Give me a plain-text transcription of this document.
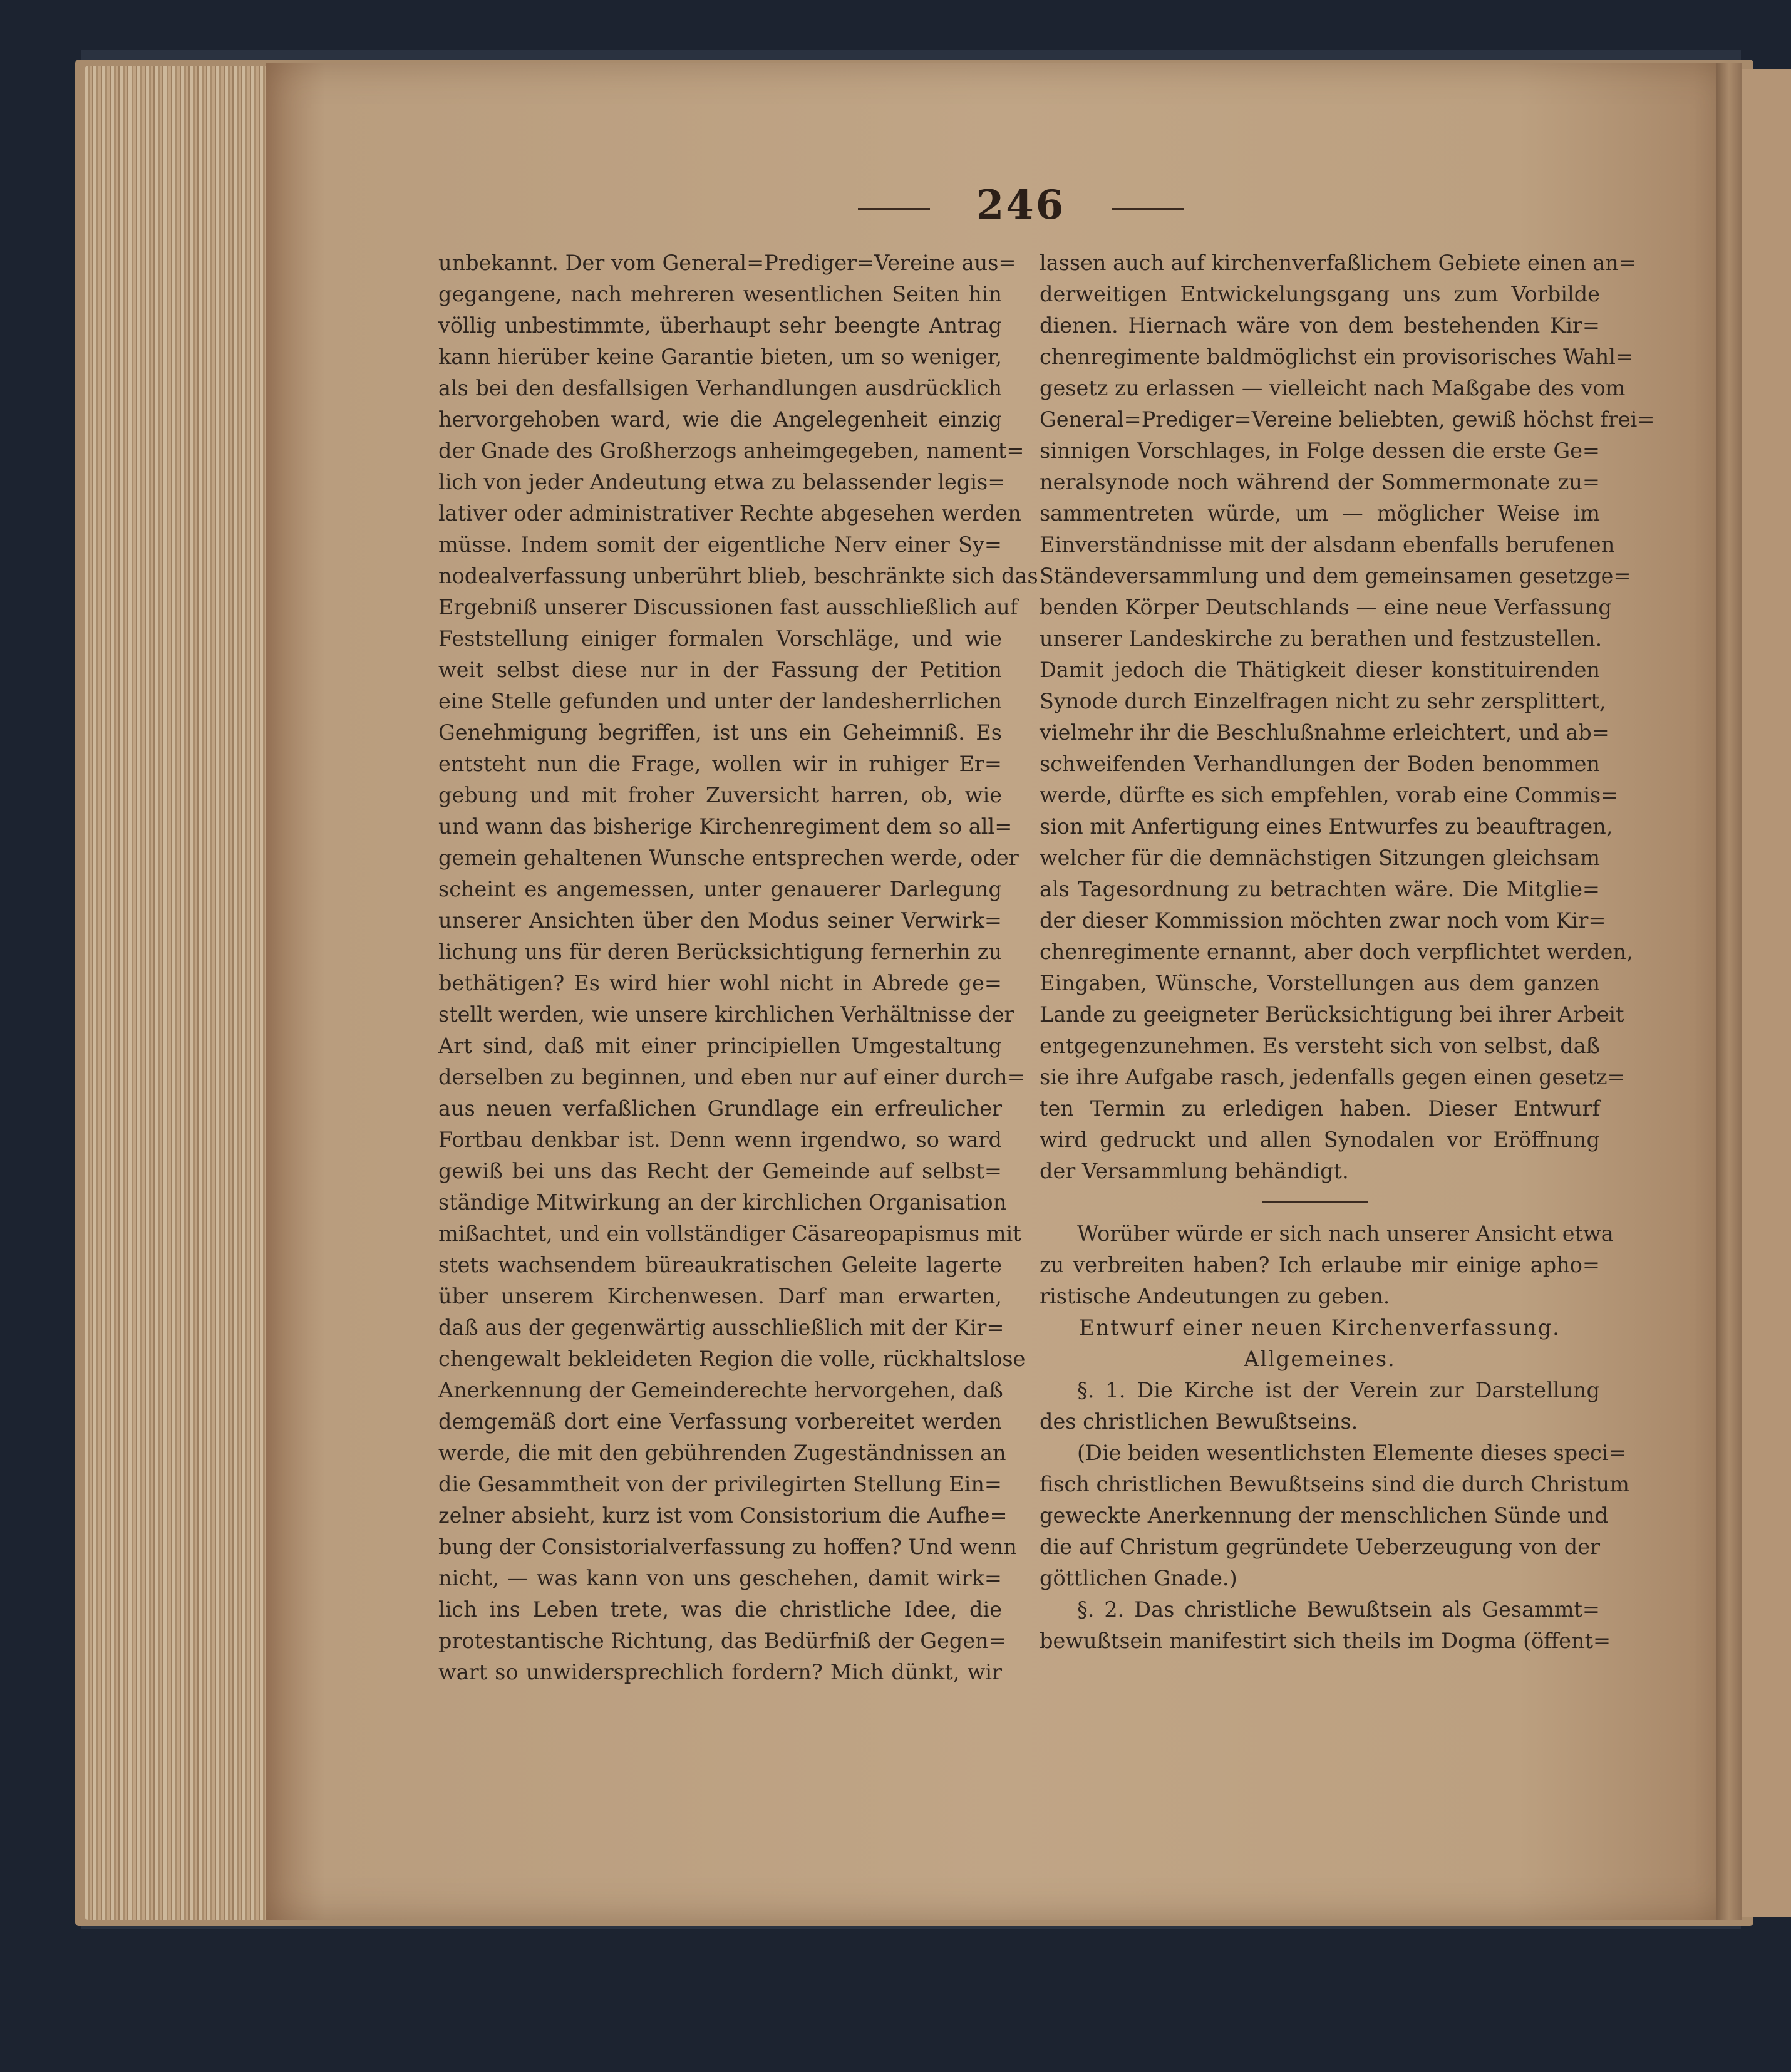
246
unbekannt. Der vom General=Prediger=Vereine aus=
gegangene, nach mehreren wesentlichen Seiten hin
völlig unbestimmte, überhaupt sehr beengte Antrag
kann hierüber keine Garantie bieten, um so weniger,
als bei den desfallsigen Verhandlungen ausdrücklich
hervorgehoben ward, wie die Angelegenheit einzig
der Gnade des Großherzogs anheimgegeben, nament=
lich von jeder Andeutung etwa zu belassender legis=
lativer oder administrativer Rechte abgesehen werden
müsse. Indem somit der eigentliche Nerv einer Sy=
nodealverfassung unberührt blieb, beschränkte sich das
Ergebniß unserer Discussionen fast ausschließlich auf
Feststellung einiger formalen Vorschläge, und wie
weit selbst diese nur in der Fassung der Petition
eine Stelle gefunden und unter der landesherrlichen
Genehmigung begriffen, ist uns ein Geheimniß. Es
entsteht nun die Frage, wollen wir in ruhiger Er=
gebung und mit froher Zuversicht harren, ob, wie
und wann das bisherige Kirchenregiment dem so all=
gemein gehaltenen Wunsche entsprechen werde, oder
scheint es angemessen, unter genauerer Darlegung
unserer Ansichten über den Modus seiner Verwirk=
lichung uns für deren Berücksichtigung fernerhin zu
bethätigen? Es wird hier wohl nicht in Abrede ge=
stellt werden, wie unsere kirchlichen Verhältnisse der
Art sind, daß mit einer principiellen Umgestaltung
derselben zu beginnen, und eben nur auf einer durch=
aus neuen verfaßlichen Grundlage ein erfreulicher
Fortbau denkbar ist. Denn wenn irgendwo, so ward
gewiß bei uns das Recht der Gemeinde auf selbst=
ständige Mitwirkung an der kirchlichen Organisation
mißachtet, und ein vollständiger Cäsareopapismus mit
stets wachsendem büreaukratischen Geleite lagerte
über unserem Kirchenwesen. Darf man erwarten,
daß aus der gegenwärtig ausschließlich mit der Kir=
chengewalt bekleideten Region die volle, rückhaltslose
Anerkennung der Gemeinderechte hervorgehen, daß
demgemäß dort eine Verfassung vorbereitet werden
werde, die mit den gebührenden Zugeständnissen an
die Gesammtheit von der privilegirten Stellung Ein=
zelner absieht, kurz ist vom Consistorium die Aufhe=
bung der Consistorialverfassung zu hoffen? Und wenn
nicht, — was kann von uns geschehen, damit wirk=
lich ins Leben trete, was die christliche Idee, die
protestantische Richtung, das Bedürfniß der Gegen=
wart so unwidersprechlich fordern? Mich dünkt, wir
lassen auch auf kirchenverfaßlichem Gebiete einen an=
derweitigen Entwickelungsgang uns zum Vorbilde
dienen. Hiernach wäre von dem bestehenden Kir=
chenregimente baldmöglichst ein provisorisches Wahl=
gesetz zu erlassen — vielleicht nach Maßgabe des vom
General=Prediger=Vereine beliebten, gewiß höchst frei=
sinnigen Vorschlages, in Folge dessen die erste Ge=
neralsynode noch während der Sommermonate zu=
sammentreten würde, um — möglicher Weise im
Einverständnisse mit der alsdann ebenfalls berufenen
Ständeversammlung und dem gemeinsamen gesetzge=
benden Körper Deutschlands — eine neue Verfassung
unserer Landeskirche zu berathen und festzustellen.
Damit jedoch die Thätigkeit dieser konstituirenden
Synode durch Einzelfragen nicht zu sehr zersplittert,
vielmehr ihr die Beschlußnahme erleichtert, und ab=
schweifenden Verhandlungen der Boden benommen
werde, dürfte es sich empfehlen, vorab eine Commis=
sion mit Anfertigung eines Entwurfes zu beauftragen,
welcher für die demnächstigen Sitzungen gleichsam
als Tagesordnung zu betrachten wäre. Die Mitglie=
der dieser Kommission möchten zwar noch vom Kir=
chenregimente ernannt, aber doch verpflichtet werden,
Eingaben, Wünsche, Vorstellungen aus dem ganzen
Lande zu geeigneter Berücksichtigung bei ihrer Arbeit
entgegenzunehmen. Es versteht sich von selbst, daß
sie ihre Aufgabe rasch, jedenfalls gegen einen gesetz=
ten Termin zu erledigen haben. Dieser Entwurf
wird gedruckt und allen Synodalen vor Eröffnung
der Versammlung behändigt.
Worüber würde er sich nach unserer Ansicht etwa
zu verbreiten haben? Ich erlaube mir einige apho=
ristische Andeutungen zu geben.
Entwurf einer neuen Kirchenverfassung.
Allgemeines.
§. 1. Die Kirche ist der Verein zur Darstellung
des christlichen Bewußtseins.
(Die beiden wesentlichsten Elemente dieses speci=
fisch christlichen Bewußtseins sind die durch Christum
geweckte Anerkennung der menschlichen Sünde und
die auf Christum gegründete Ueberzeugung von der
göttlichen Gnade.)
§. 2. Das christliche Bewußtsein als Gesammt=
bewußtsein manifestirt sich theils im Dogma (öffent=
